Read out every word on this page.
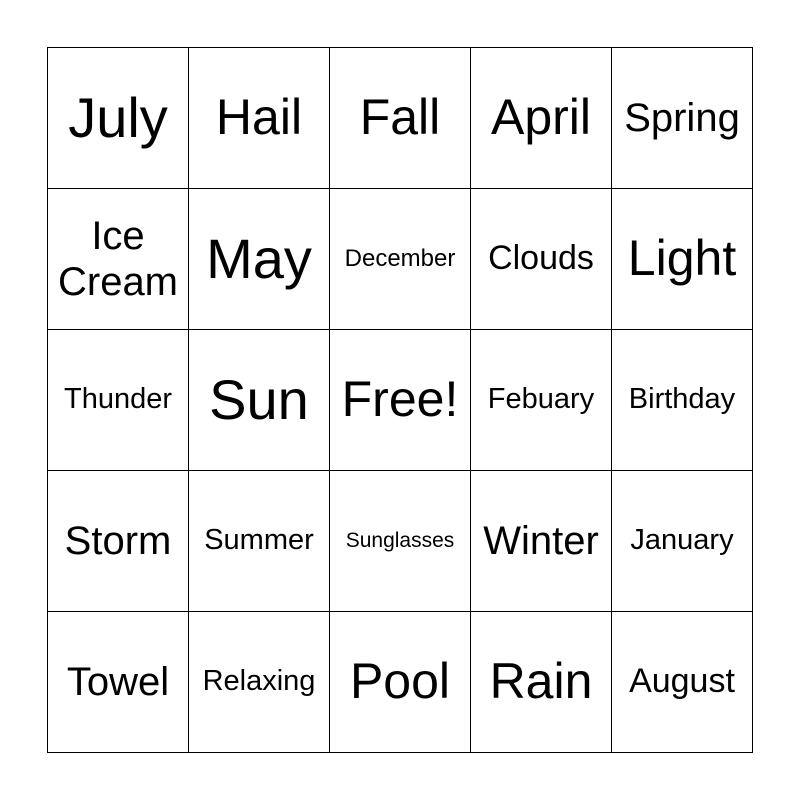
July Hail Fall April Spring
Ice
Cream May December Clouds Light
Thunder Sun Free! Febuary Birthday
Storm Summer Sunglasses Winter January
Towel Relaxing Pool Rain August
